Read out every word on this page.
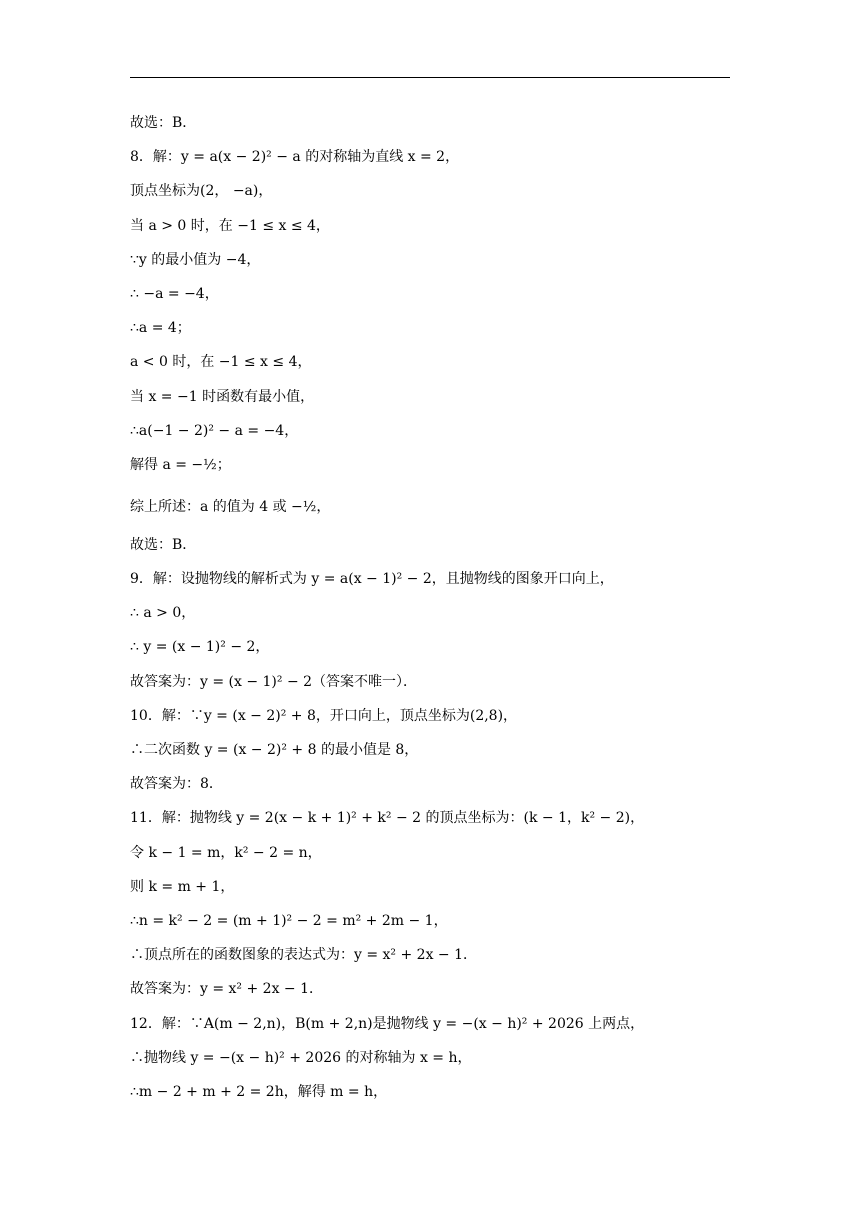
故选：B．
8．解：y = a(x − 2)² − a 的对称轴为直线 x = 2，
顶点坐标为(2， −a)，
当 a > 0 时，在 −1 ≤ x ≤ 4，
∵y 的最小值为 −4，
∴ −a = −4，
∴a = 4；
a < 0 时，在 −1 ≤ x ≤ 4，
当 x = −1 时函数有最小值，
∴a(−1 − 2)² − a = −4，
解得 a = −½；
综上所述：a 的值为 4 或 −½，
故选：B．
9．解：设抛物线的解析式为 y = a(x − 1)² − 2，且抛物线的图象开口向上，
∴ a > 0，
∴ y = (x − 1)² − 2，
故答案为：y = (x − 1)² − 2（答案不唯一）．
10．解：∵y = (x − 2)² + 8，开口向上，顶点坐标为(2,8)，
∴二次函数 y = (x − 2)² + 8 的最小值是 8，
故答案为：8．
11．解：抛物线 y = 2(x − k + 1)² + k² − 2 的顶点坐标为：(k − 1，k² − 2)，
令 k − 1 = m，k² − 2 = n，
则 k = m + 1，
∴n = k² − 2 = (m + 1)² − 2 = m² + 2m − 1，
∴顶点所在的函数图象的表达式为：y = x² + 2x − 1．
故答案为：y = x² + 2x − 1．
12．解：∵A(m − 2,n)，B(m + 2,n)是抛物线 y = −(x − h)² + 2026 上两点，
∴抛物线 y = −(x − h)² + 2026 的对称轴为 x = h，
∴m − 2 + m + 2 = 2h，解得 m = h，
